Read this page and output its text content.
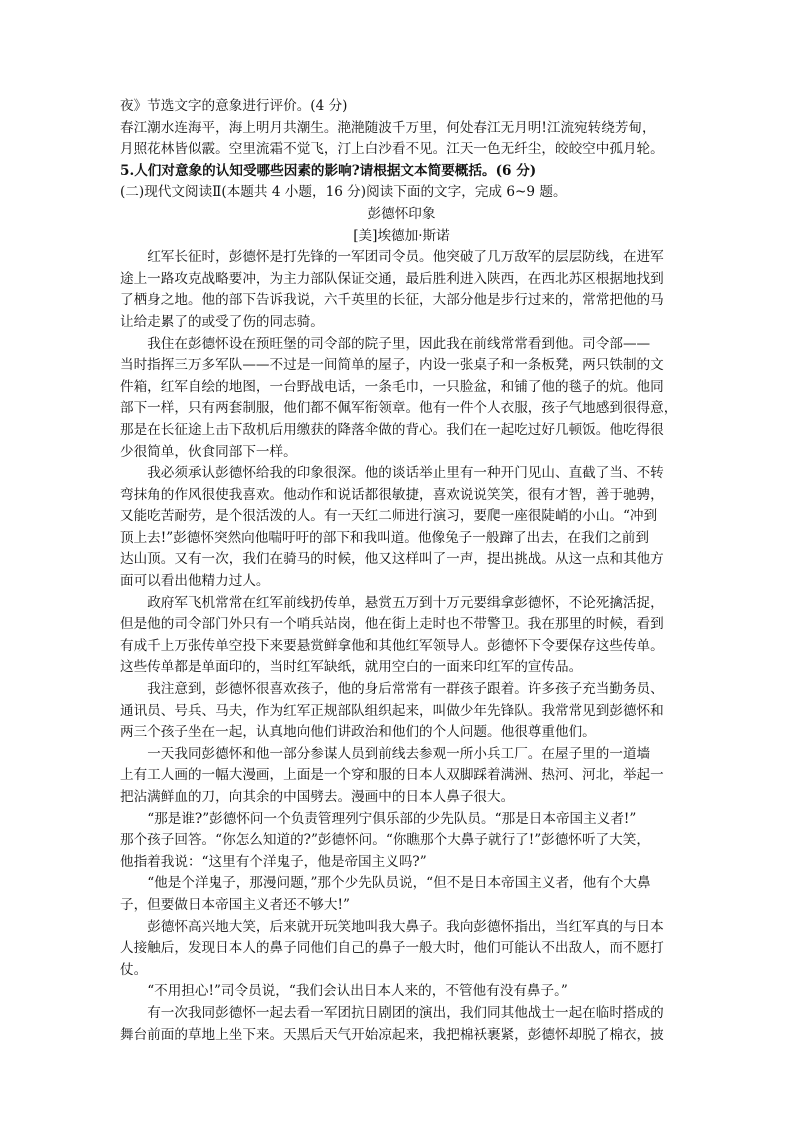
夜》节选文字的意象进行评价。(4 分)
春江潮水连海平，海上明月共潮生。滟滟随波千万里，何处春江无月明!江流宛转绕芳甸，
月照花林皆似霰。空里流霜不觉飞，汀上白沙看不见。江天一色无纤尘，皎皎空中孤月轮。
5.人们对意象的认知受哪些因素的影响?请根据文本简要概括。(6 分)
(二)现代文阅读Ⅱ(本题共 4 小题，16 分)阅读下面的文字，完成 6~9 题。
彭德怀印象
[美]埃德加·斯诺

红军长征时，彭德怀是打先锋的一军团司令员。他突破了几万敌军的层层防线，在进军
途上一路攻克战略要冲，为主力部队保证交通，最后胜利进入陕西，在西北苏区根据地找到
了栖身之地。他的部下告诉我说，六千英里的长征，大部分他是步行过来的，常常把他的马
让给走累了的或受了伤的同志骑。

我住在彭德怀设在预旺堡的司令部的院子里，因此我在前线常常看到他。司令部——
当时指挥三万多军队——不过是一间简单的屋子，内设一张桌子和一条板凳，两只铁制的文
件箱，红军自绘的地图，一台野战电话，一条毛巾，一只脸盆，和铺了他的毯子的炕。他同
部下一样，只有两套制服，他们都不佩军衔领章。他有一件个人衣服，孩子气地感到很得意，
那是在长征途上击下敌机后用缴获的降落伞做的背心。我们在一起吃过好几顿饭。他吃得很
少很简单，伙食同部下一样。

我必须承认彭德怀给我的印象很深。他的谈话举止里有一种开门见山、直截了当、不转
弯抹角的作风很使我喜欢。他动作和说话都很敏捷，喜欢说说笑笑，很有才智，善于驰骋，
又能吃苦耐劳，是个很活泼的人。有一天红二师进行演习，要爬一座很陡峭的小山。“冲到
顶上去!”彭德怀突然向他喘吁吁的部下和我叫道。他像兔子一般蹿了出去，在我们之前到
达山顶。又有一次，我们在骑马的时候，他又这样叫了一声，提出挑战。从这一点和其他方
面可以看出他精力过人。

政府军飞机常常在红军前线扔传单，悬赏五万到十万元要缉拿彭德怀，不论死擒活捉，
但是他的司令部门外只有一个哨兵站岗，他在街上走时也不带警卫。我在那里的时候，看到
有成千上万张传单空投下来要悬赏鲜拿他和其他红军领导人。彭德怀下令要保存这些传单。
这些传单都是单面印的，当时红军缺纸，就用空白的一面来印红军的宣传品。

我注意到，彭德怀很喜欢孩子，他的身后常常有一群孩子跟着。许多孩子充当勤务员、
通讯员、号兵、马夫，作为红军正规部队组织起来，叫做少年先锋队。我常常见到彭德怀和
两三个孩子坐在一起，认真地向他们讲政治和他们的个人问题。他很尊重他们。

一天我同彭德怀和他一部分参谋人员到前线去参观一所小兵工厂。在屋子里的一道墙
上有工人画的一幅大漫画，上面是一个穿和服的日本人双脚踩着满洲、热河、河北，举起一
把沾满鲜血的刀，向其余的中国劈去。漫画中的日本人鼻子很大。

“那是谁?”彭德怀问一个负责管理列宁俱乐部的少先队员。“那是日本帝国主义者!”
那个孩子回答。“你怎么知道的?”彭德怀问。“你瞧那个大鼻子就行了!”彭德怀听了大笑，
他指着我说：“这里有个洋鬼子，他是帝国主义吗?”

“他是个洋鬼子，那漫问题，”那个少先队员说，“但不是日本帝国主义者，他有个大鼻
子，但要做日本帝国主义者还不够大!”

彭德怀高兴地大笑，后来就开玩笑地叫我大鼻子。我向彭德怀指出，当红军真的与日本
人接触后，发现日本人的鼻子同他们自己的鼻子一般大时，他们可能认不出敌人，而不愿打
仗。

“不用担心!”司令员说，“我们会认出日本人来的，不管他有没有鼻子。”

有一次我同彭德怀一起去看一军团抗日剧团的演出，我们同其他战士一起在临时搭成的
舞台前面的草地上坐下来。天黑后天气开始凉起来，我把棉袄裹紧，彭德怀却脱了棉衣，披
